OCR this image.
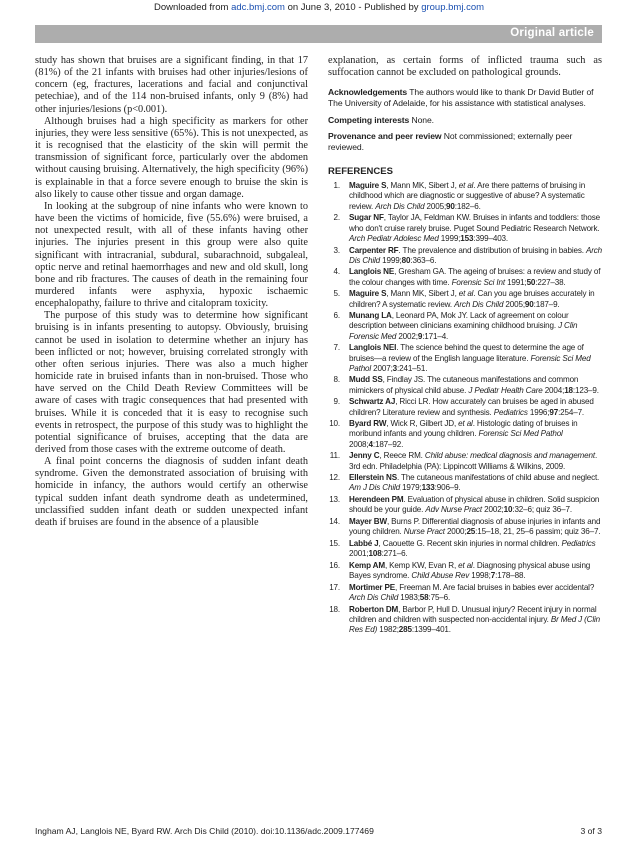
Downloaded from adc.bmj.com on June 3, 2010 - Published by group.bmj.com
Original article

study has shown that bruises are a significant finding, in that 17 (81%) of the 21 infants with bruises had other injuries/lesions of concern (eg, fractures, lacerations and facial and conjunctival petechiae), and of the 114 non-bruised infants, only 9 (8%) had other injuries/lesions (p<0.001).

Although bruises had a high specificity as markers for other injuries, they were less sensitive (65%). This is not unexpected, as it is recognised that the elasticity of the skin will permit the transmission of significant force, particularly over the abdomen without causing bruising. Alternatively, the high specificity (96%) is explainable in that a force severe enough to bruise the skin is also likely to cause other tissue and organ damage.

In looking at the subgroup of nine infants who were known to have been the victims of homicide, five (55.6%) were bruised, a not unexpected result, with all of these infants having other injuries. The injuries present in this group were also quite significant with intracranial, subdural, subarachnoid, subgaleal, optic nerve and retinal haemorrhages and new and old skull, long bone and rib fractures. The causes of death in the remaining four murdered infants were asphyxia, hypoxic ischaemic encephalopathy, failure to thrive and citalopram toxicity.

The purpose of this study was to determine how significant bruising is in infants presenting to autopsy. Obviously, bruising cannot be used in isolation to determine whether an injury has been inflicted or not; however, bruising correlated strongly with other often serious injuries. There was also a much higher homicide rate in bruised infants than in non-bruised. Those who have served on the Child Death Review Committees will be aware of cases with tragic consequences that had presented with bruises. While it is conceded that it is easy to recognise such events in retrospect, the purpose of this study was to highlight the potential significance of bruises, accepting that the data are derived from those cases with the extreme outcome of death.

A final point concerns the diagnosis of sudden infant death syndrome. Given the demonstrated association of bruising with homicide in infancy, the authors would certify an otherwise typical sudden infant death syndrome death as undetermined, unclassified sudden infant death or sudden unexpected infant death if bruises are found in the absence of a plausible

explanation, as certain forms of inflicted trauma such as suffocation cannot be excluded on pathological grounds.

Acknowledgements The authors would like to thank Dr David Butler of The University of Adelaide, for his assistance with statistical analyses.

Competing interests None.

Provenance and peer review Not commissioned; externally peer reviewed.

REFERENCES
1. Maguire S, Mann MK, Sibert J, et al. Are there patterns of bruising in childhood which are diagnostic or suggestive of abuse? A systematic review. Arch Dis Child 2005;90:182–6.
2. Sugar NF, Taylor JA, Feldman KW. Bruises in infants and toddlers: those who don't cruise rarely bruise. Puget Sound Pediatric Research Network. Arch Pediatr Adolesc Med 1999;153:399–403.
3. Carpenter RF. The prevalence and distribution of bruising in babies. Arch Dis Child 1999;80:363–6.
4. Langlois NE, Gresham GA. The ageing of bruises: a review and study of the colour changes with time. Forensic Sci Int 1991;50:227–38.
5. Maguire S, Mann MK, Sibert J, et al. Can you age bruises accurately in children? A systematic review. Arch Dis Child 2005;90:187–9.
6. Munang LA, Leonard PA, Mok JY. Lack of agreement on colour description between clinicians examining childhood bruising. J Clin Forensic Med 2002;9:171–4.
7. Langlois NEI. The science behind the quest to determine the age of bruises—a review of the English language literature. Forensic Sci Med Pathol 2007;3:241–51.
8. Mudd SS, Findlay JS. The cutaneous manifestations and common mimickers of physical child abuse. J Pediatr Health Care 2004;18:123–9.
9. Schwartz AJ, Ricci LR. How accurately can bruises be aged in abused children? Literature review and synthesis. Pediatrics 1996;97:254–7.
10. Byard RW, Wick R, Gilbert JD, et al. Histologic dating of bruises in moribund infants and young children. Forensic Sci Med Pathol 2008;4:187–92.
11. Jenny C, Reece RM. Child abuse: medical diagnosis and management. 3rd edn. Philadelphia (PA): Lippincott Williams & Wilkins, 2009.
12. Ellerstein NS. The cutaneous manifestations of child abuse and neglect. Am J Dis Child 1979;133:906–9.
13. Herendeen PM. Evaluation of physical abuse in children. Solid suspicion should be your guide. Adv Nurse Pract 2002;10:32–6; quiz 36–7.
14. Mayer BW, Burns P. Differential diagnosis of abuse injuries in infants and young children. Nurse Pract 2000;25:15–18, 21, 25–6 passim; quiz 36–7.
15. Labbé J, Caouette G. Recent skin injuries in normal children. Pediatrics 2001;108:271–6.
16. Kemp AM, Kemp KW, Evan R, et al. Diagnosing physical abuse using Bayes syndrome. Child Abuse Rev 1998;7:178–88.
17. Mortimer PE, Freeman M. Are facial bruises in babies ever accidental? Arch Dis Child 1983;58:75–6.
18. Roberton DM, Barbor P, Hull D. Unusual injury? Recent injury in normal children and children with suspected non-accidental injury. Br Med J (Clin Res Ed) 1982;285:1399–401.
Ingham AJ, Langlois NE, Byard RW. Arch Dis Child (2010). doi:10.1136/adc.2009.177469	3 of 3
